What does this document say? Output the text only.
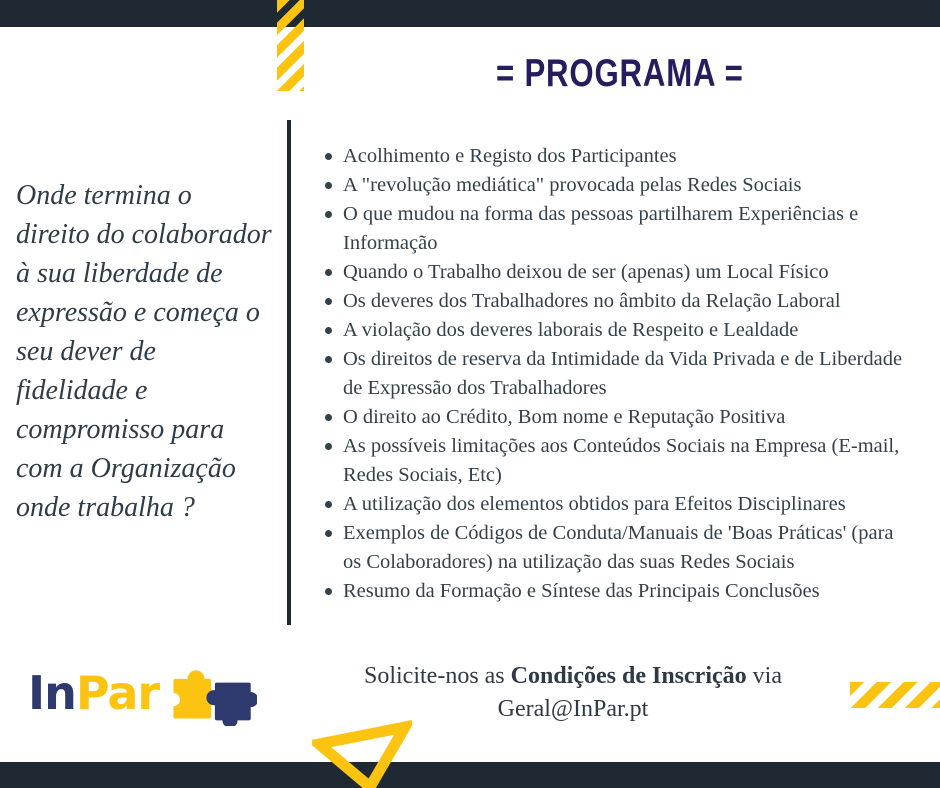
= PROGRAMA =
Onde termina o direito do colaborador à sua liberdade de expressão e começa o seu dever de fidelidade e compromisso para com a Organização onde trabalha ?
Acolhimento e Registo dos Participantes
A "revolução mediática" provocada pelas Redes Sociais
O que mudou na forma das pessoas partilharem Experiências e Informação
Quando o Trabalho deixou de ser (apenas) um Local Físico
Os deveres dos Trabalhadores no âmbito da Relação Laboral
A violação dos deveres laborais de Respeito e Lealdade
Os direitos de reserva da Intimidade da Vida Privada e de Liberdade de Expressão dos Trabalhadores
O direito ao Crédito, Bom nome e Reputação Positiva
As possíveis limitações aos Conteúdos Sociais na Empresa (E-mail, Redes Sociais, Etc)
A utilização dos elementos obtidos para Efeitos Disciplinares
Exemplos de Códigos de Conduta/Manuais de 'Boas Práticas' (para os Colaboradores) na utilização das suas Redes Sociais
Resumo da Formação e Síntese das Principais Conclusões
InPar	Solicite-nos as Condições de Inscrição via
Geral@InPar.pt
